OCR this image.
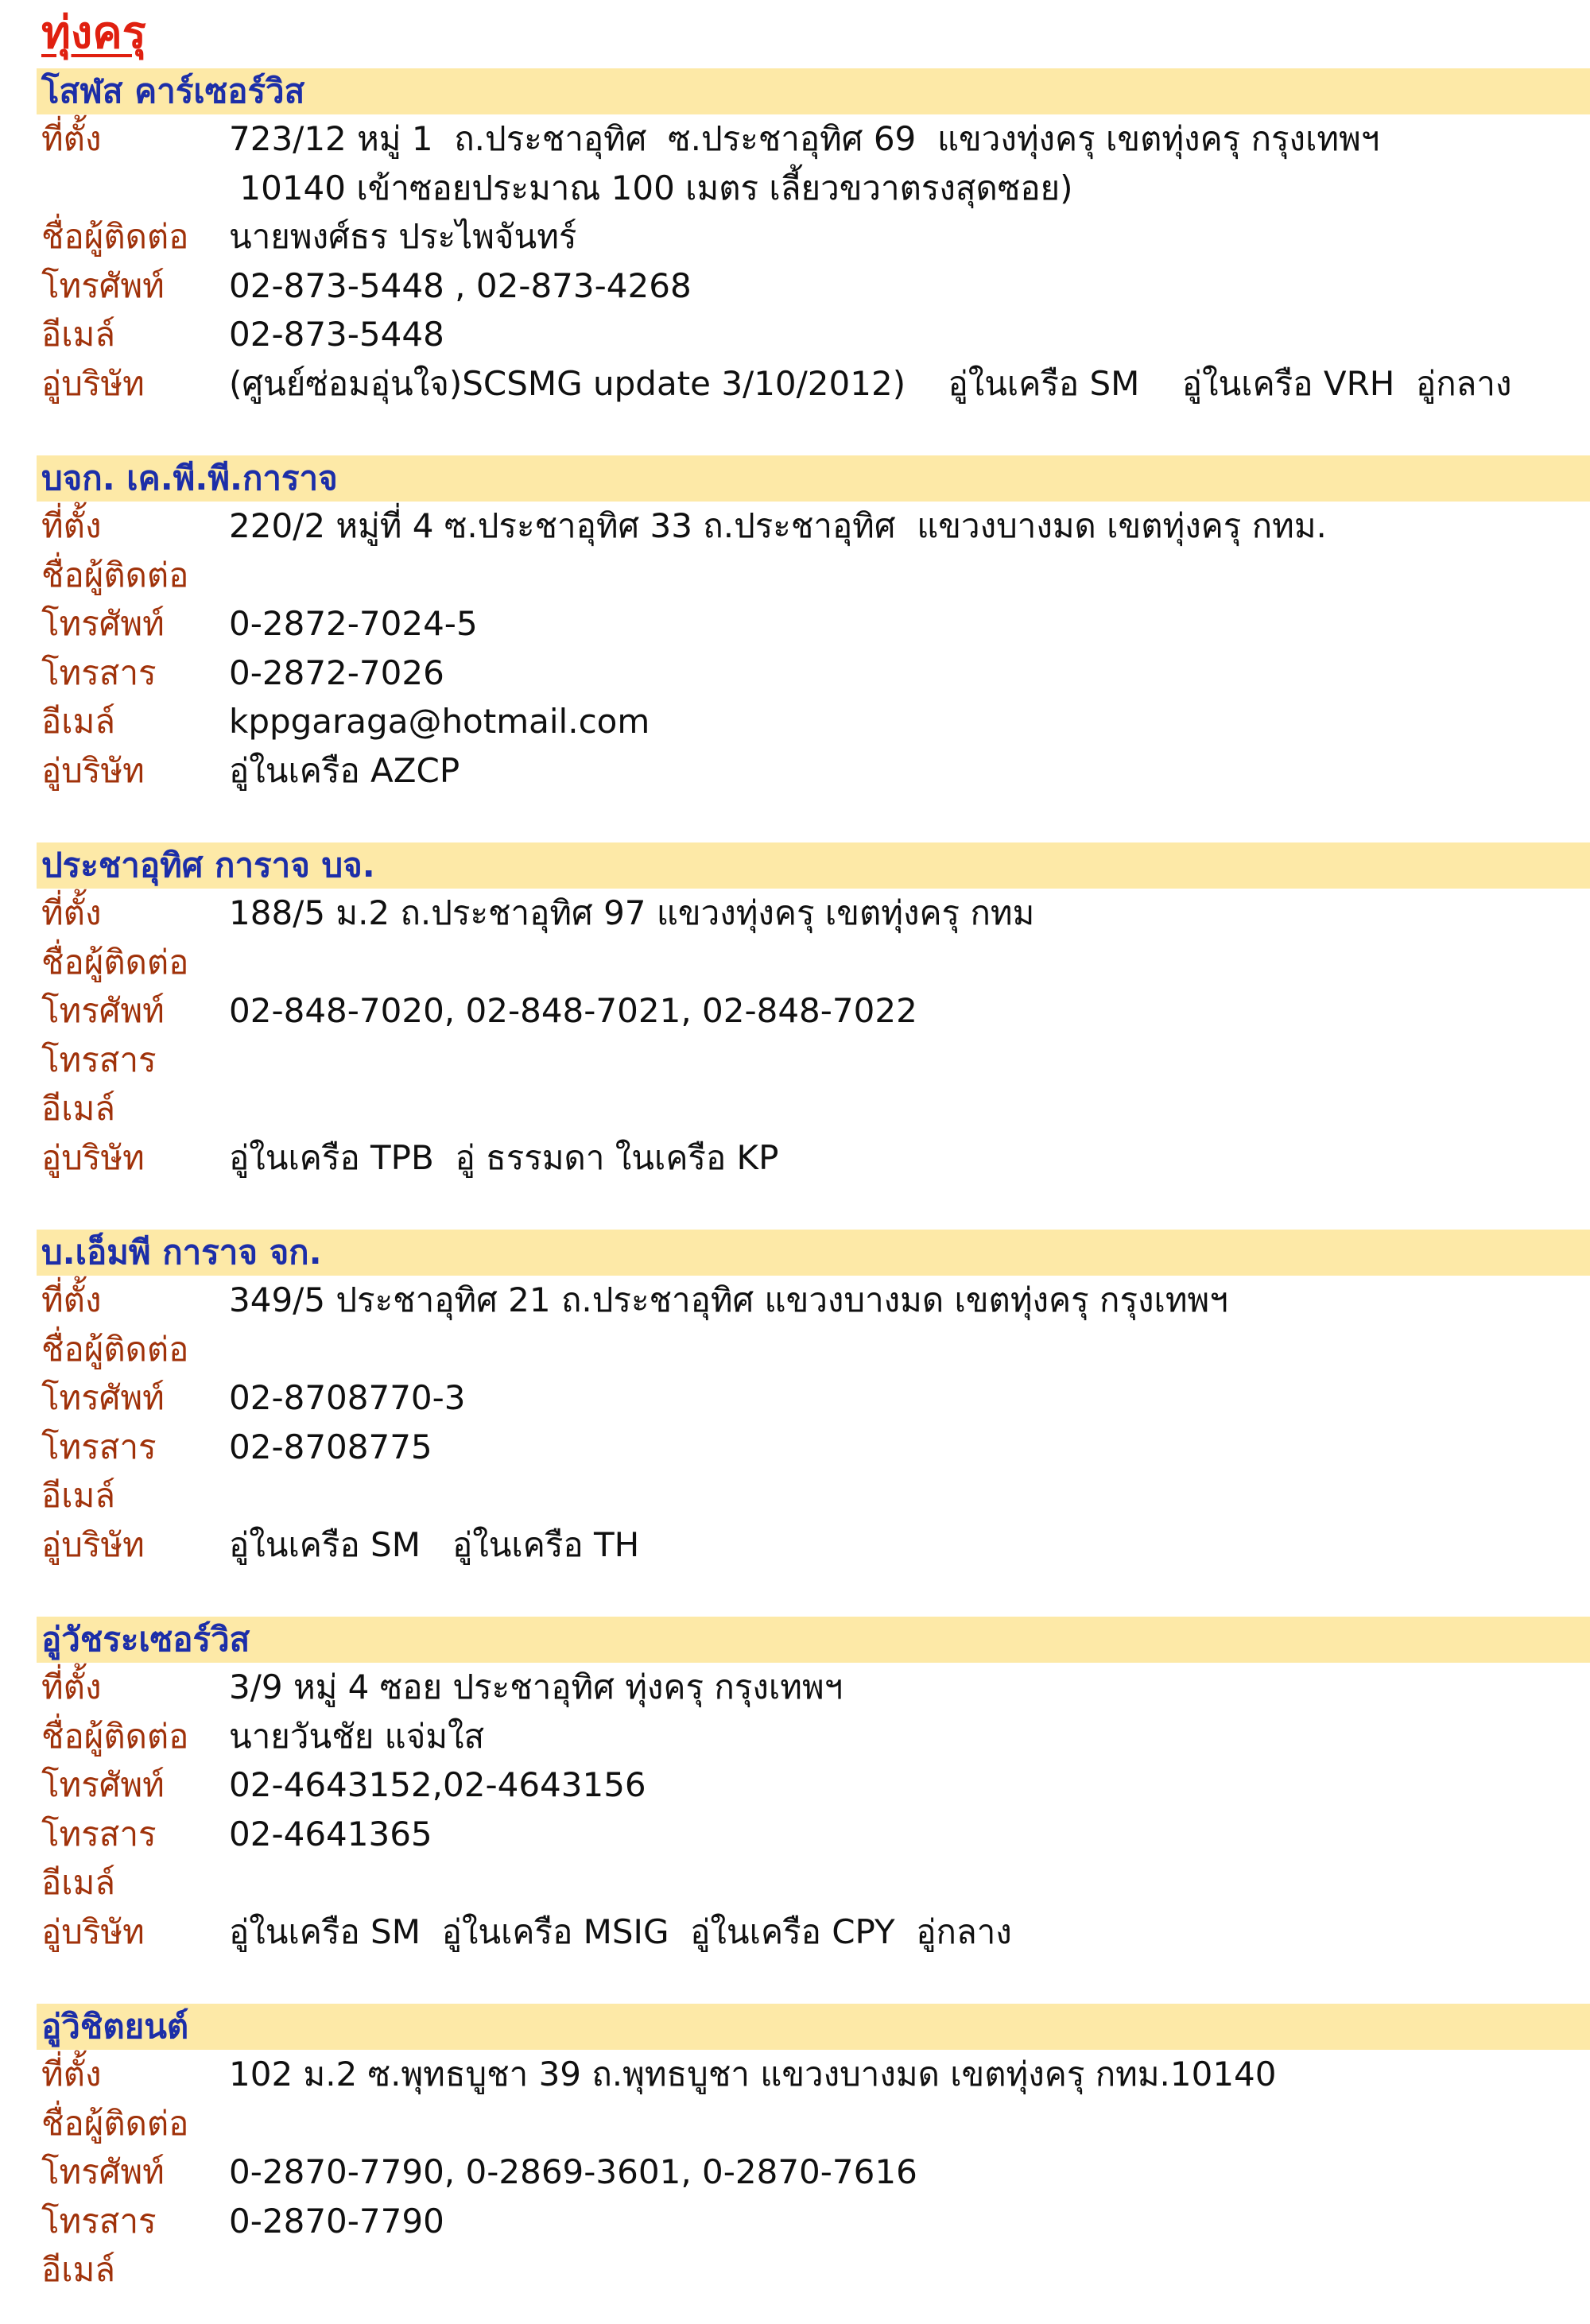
ทุ่งครุ
โสฬส คาร์เซอร์วิส
ที่ตั้ง	723/12 หมู่ 1  ถ.ประชาอุทิศ  ซ.ประชาอุทิศ 69  แขวงทุ่งครุ เขตทุ่งครุ กรุงเทพฯ
10140 เข้าซอยประมาณ 100 เมตร เลี้ยวขวาตรงสุดซอย)
ชื่อผู้ติดต่อ	นายพงศ์ธร ประไพจันทร์
โทรศัพท์	02-873-5448 , 02-873-4268
อีเมล์	02-873-5448
อู่บริษัท	(ศูนย์ซ่อมอุ่นใจ)SCSMG update 3/10/2012)    อู่ในเครือ SM    อู่ในเครือ VRH  อู่กลาง
บจก. เค.พี.พี.การาจ
ที่ตั้ง	220/2 หมู่ที่ 4 ซ.ประชาอุทิศ 33 ถ.ประชาอุทิศ  แขวงบางมด เขตทุ่งครุ กทม.
ชื่อผู้ติดต่อ
โทรศัพท์	0-2872-7024-5
โทรสาร	0-2872-7026
อีเมล์	kppgaraga@hotmail.com
อู่บริษัท	อู่ในเครือ AZCP
ประชาอุทิศ การาจ บจ.
ที่ตั้ง	188/5 ม.2 ถ.ประชาอุทิศ 97 แขวงทุ่งครุ เขตทุ่งครุ กทม
ชื่อผู้ติดต่อ
โทรศัพท์	02-848-7020, 02-848-7021, 02-848-7022
โทรสาร
อีเมล์
อู่บริษัท	อู่ในเครือ TPB  อู่ ธรรมดา ในเครือ KP
บ.เอ็มพี การาจ จก.
ที่ตั้ง	349/5 ประชาอุทิศ 21 ถ.ประชาอุทิศ แขวงบางมด เขตทุ่งครุ กรุงเทพฯ
ชื่อผู้ติดต่อ
โทรศัพท์	02-8708770-3
โทรสาร	02-8708775
อีเมล์
อู่บริษัท	อู่ในเครือ SM   อู่ในเครือ TH
อู่วัชระเซอร์วิส
ที่ตั้ง	3/9 หมู่ 4 ซอย ประชาอุทิศ ทุ่งครุ กรุงเทพฯ
ชื่อผู้ติดต่อ	นายวันชัย แจ่มใส
โทรศัพท์	02-4643152,02-4643156
โทรสาร	02-4641365
อีเมล์
อู่บริษัท	อู่ในเครือ SM  อู่ในเครือ MSIG  อู่ในเครือ CPY  อู่กลาง
อู่วิชิตยนต์
ที่ตั้ง	102 ม.2 ซ.พุทธบูชา 39 ถ.พุทธบูชา แขวงบางมด เขตทุ่งครุ กทม.10140
ชื่อผู้ติดต่อ
โทรศัพท์	0-2870-7790, 0-2869-3601, 0-2870-7616
โทรสาร	0-2870-7790
อีเมล์
